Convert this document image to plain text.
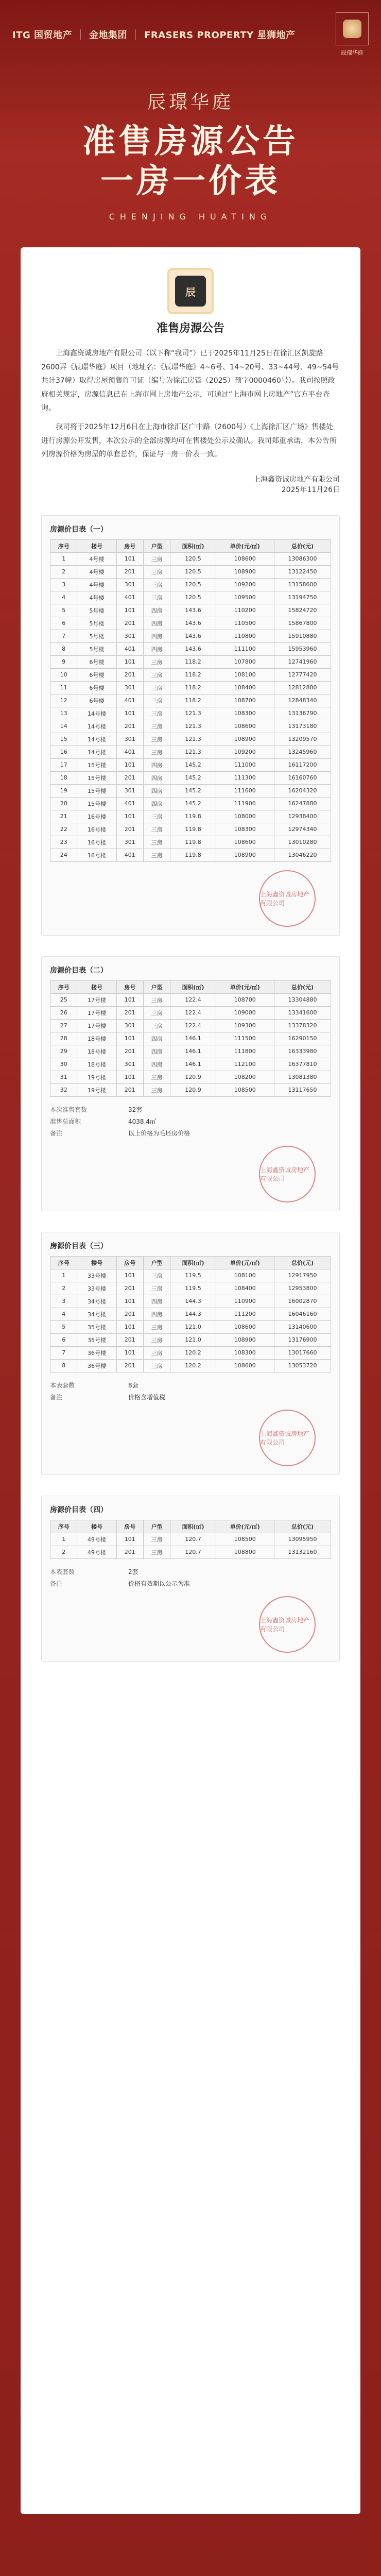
ITG 国贸地产 金地集团 FRASERS PROPERTY 星狮地产
辰璟华庭
辰璟华庭
准售房源公告
一房一价表
CHENJING HUATING
准售房源公告

上海鑫资诚房地产有限公司（以下称“我司”）已于2025年11月25日在徐汇区凯旋路2600弄《辰璟华庭》项目（地址名：《辰璟华庭》4~6号、14~20号、33~44号、49~54号共计37幢）取得房屋预售许可证（编号为徐汇房管（2025）预字0000460号）。我司按照政府相关规定，房源信息已在上海市网上房地产公示，可通过“上海市网上房地产”官方平台查询。

我司将于2025年12月6日在上海市徐汇区广中路（2600号）《上海徐汇区广场》售楼处进行房源公开发售，本次公示的全部房源均可在售楼处公示及确认。我司郑重承诺，本公告所列房源价格为房屋的单套总价，保证与一房一价表一致。

上海鑫资诚房地产有限公司
2025年11月26日
房源价目表（一）
序号	楼号	房号	户型	面积(㎡)	单价(元/㎡)	总价(元)
1	4号楼	101	三房	120.5	108600	13086300
2	4号楼	201	三房	120.5	108900	13122450
3	4号楼	301	三房	120.5	109200	13158600
4	4号楼	401	三房	120.5	109500	13194750
5	5号楼	101	四房	143.6	110200	15824720
6	5号楼	201	四房	143.6	110500	15867800
7	5号楼	301	四房	143.6	110800	15910880
8	5号楼	401	四房	143.6	111100	15953960
9	6号楼	101	三房	118.2	107800	12741960
10	6号楼	201	三房	118.2	108100	12777420
11	6号楼	301	三房	118.2	108400	12812880
12	6号楼	401	三房	118.2	108700	12848340
13	14号楼	101	三房	121.3	108300	13136790
14	14号楼	201	三房	121.3	108600	13173180
15	14号楼	301	三房	121.3	108900	13209570
16	14号楼	401	三房	121.3	109200	13245960
17	15号楼	101	四房	145.2	111000	16117200
18	15号楼	201	四房	145.2	111300	16160760
19	15号楼	301	四房	145.2	111600	16204320
20	15号楼	401	四房	145.2	111900	16247880
21	16号楼	101	三房	119.8	108000	12938400
22	16号楼	201	三房	119.8	108300	12974340
23	16号楼	301	三房	119.8	108600	13010280
24	16号楼	401	三房	119.8	108900	13046220
上海鑫资诚房地产有限公司
房源价目表（二）
序号	楼号	房号	户型	面积(㎡)	单价(元/㎡)	总价(元)
25	17号楼	101	三房	122.4	108700	13304880
26	17号楼	201	三房	122.4	109000	13341600
27	17号楼	301	三房	122.4	109300	13378320
28	18号楼	101	四房	146.1	111500	16290150
29	18号楼	201	四房	146.1	111800	16333980
30	18号楼	301	四房	146.1	112100	16377810
31	19号楼	101	三房	120.9	108200	13081380
32	19号楼	201	三房	120.9	108500	13117650
本次准售套数	32套
准售总面积	4038.4㎡
备注	以上价格为毛坯房价格
上海鑫资诚房地产有限公司
房源价目表（三）
序号	楼号	房号	户型	面积(㎡)	单价(元/㎡)	总价(元)
1	33号楼	101	三房	119.5	108100	12917950
2	33号楼	201	三房	119.5	108400	12953800
3	34号楼	101	四房	144.3	110900	16002870
4	34号楼	201	四房	144.3	111200	16046160
5	35号楼	101	三房	121.0	108600	13140600
6	35号楼	201	三房	121.0	108900	13176900
7	36号楼	101	三房	120.2	108300	13017660
8	36号楼	201	三房	120.2	108600	13053720
本表套数	8套
备注	价格含增值税
上海鑫资诚房地产有限公司
房源价目表（四）
序号	楼号	房号	户型	面积(㎡)	单价(元/㎡)	总价(元)
1	49号楼	101	三房	120.7	108500	13095950
2	49号楼	201	三房	120.7	108800	13132160
本表套数	2套
备注	价格有效期以公示为准
上海鑫资诚房地产有限公司
辰
